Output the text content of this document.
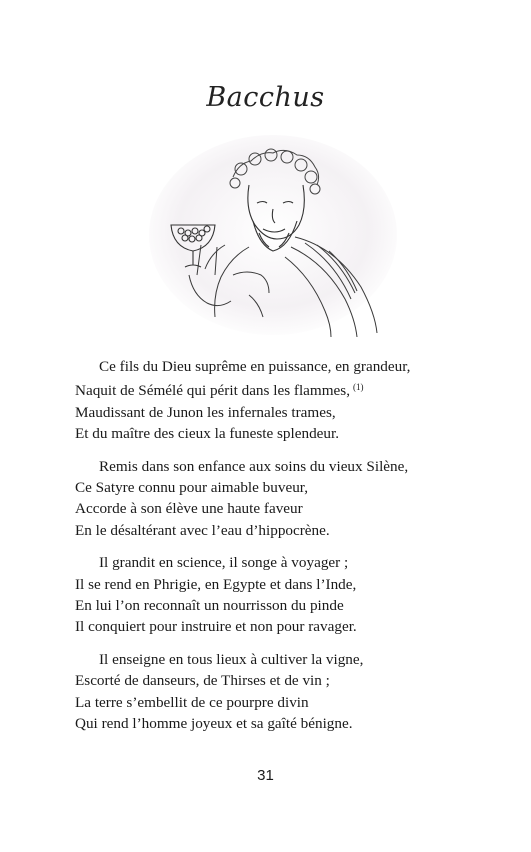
Bacchus
Ce fils du Dieu suprême en puissance, en grandeur,
Naquit de Sémélé qui périt dans les flammes, $^{(1)}$
Maudissant de Junon les infernales trames,
Et du maître des cieux la funeste splendeur.
Remis dans son enfance aux soins du vieux Silène,
Ce Satyre connu pour aimable buveur,
Accorde à son élève une haute faveur
En le désaltérant avec l’eau d’hippocrène.
Il grandit en science, il songe à voyager ;
Il se rend en Phrigie, en Egypte et dans l’Inde,
En lui l’on reconnaît un nourrisson du pinde
Il conquiert pour instruire et non pour ravager.
Il enseigne en tous lieux à cultiver la vigne,
Escorté de danseurs, de Thirses et de vin ;
La terre s’embellit de ce pourpre divin
Qui rend l’homme joyeux et sa gaîté bénigne.
31
